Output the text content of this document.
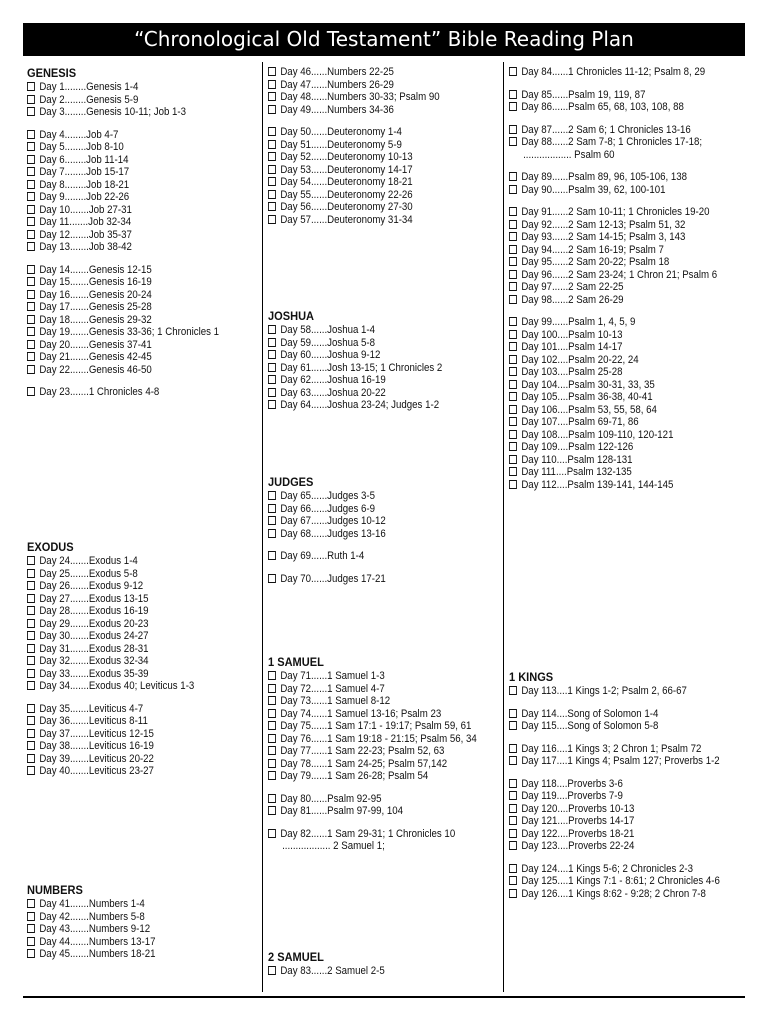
“Chronological Old Testament” Bible Reading Plan
GENESIS
Day 1........Genesis 1-4
Day 2........Genesis 5-9
Day 3........Genesis 10-11; Job 1-3
Day 4........Job 4-7
Day 5........Job 8-10
Day 6........Job 11-14
Day 7........Job 15-17
Day 8........Job 18-21
Day 9........Job 22-26
Day 10.......Job 27-31
Day 11.......Job 32-34
Day 12.......Job 35-37
Day 13.......Job 38-42
Day 14.......Genesis 12-15
Day 15.......Genesis 16-19
Day 16.......Genesis 20-24
Day 17.......Genesis 25-28
Day 18.......Genesis 29-32
Day 19.......Genesis 33-36; 1 Chronicles 1
Day 20.......Genesis 37-41
Day 21.......Genesis 42-45
Day 22.......Genesis 46-50
Day 23.......1 Chronicles 4-8
EXODUS
Day 24.......Exodus 1-4
Day 25.......Exodus 5-8
Day 26.......Exodus 9-12
Day 27.......Exodus 13-15
Day 28.......Exodus 16-19
Day 29.......Exodus 20-23
Day 30.......Exodus 24-27
Day 31.......Exodus 28-31
Day 32.......Exodus 32-34
Day 33.......Exodus 35-39
Day 34.......Exodus 40; Leviticus 1-3
Day 35.......Leviticus 4-7
Day 36.......Leviticus 8-11
Day 37.......Leviticus 12-15
Day 38.......Leviticus 16-19
Day 39.......Leviticus 20-22
Day 40.......Leviticus 23-27
NUMBERS
Day 41.......Numbers 1-4
Day 42.......Numbers 5-8
Day 43.......Numbers 9-12
Day 44.......Numbers 13-17
Day 45.......Numbers 18-21
Day 46......Numbers 22-25
Day 47......Numbers 26-29
Day 48......Numbers 30-33; Psalm 90
Day 49......Numbers 34-36
Day 50......Deuteronomy 1-4
Day 51......Deuteronomy 5-9
Day 52......Deuteronomy 10-13
Day 53......Deuteronomy 14-17
Day 54......Deuteronomy 18-21
Day 55......Deuteronomy 22-26
Day 56......Deuteronomy 27-30
Day 57......Deuteronomy 31-34
JOSHUA
Day 58......Joshua 1-4
Day 59......Joshua 5-8
Day 60......Joshua 9-12
Day 61......Josh 13-15; 1 Chronicles 2
Day 62......Joshua 16-19
Day 63......Joshua 20-22
Day 64......Joshua 23-24; Judges 1-2
JUDGES
Day 65......Judges 3-5
Day 66......Judges 6-9
Day 67......Judges 10-12
Day 68......Judges 13-16
Day 69......Ruth 1-4
Day 70......Judges 17-21
1 SAMUEL
Day 71......1 Samuel 1-3
Day 72......1 Samuel 4-7
Day 73......1 Samuel 8-12
Day 74......1 Samuel 13-16; Psalm 23
Day 75......1 Sam 17:1 - 19:17; Psalm 59, 61
Day 76......1 Sam 19:18 - 21:15; Psalm 56, 34
Day 77......1 Sam 22-23; Psalm 52, 63
Day 78......1 Sam 24-25; Psalm 57,142
Day 79......1 Sam 26-28; Psalm 54
Day 80......Psalm 92-95
Day 81......Psalm 97-99, 104
Day 82......1 Sam 29-31; 1 Chronicles 10
.................. 2 Samuel 1;
2 SAMUEL
Day 83......2 Samuel 2-5
Day 84......1 Chronicles 11-12; Psalm 8, 29
Day 85......Psalm 19, 119, 87
Day 86......Psalm 65, 68, 103, 108, 88
Day 87......2 Sam 6; 1 Chronicles 13-16
Day 88......2 Sam 7-8; 1 Chronicles 17-18;
.................. Psalm 60
Day 89......Psalm 89, 96, 105-106, 138
Day 90......Psalm 39, 62, 100-101
Day 91......2 Sam 10-11; 1 Chronicles 19-20
Day 92......2 Sam 12-13; Psalm 51, 32
Day 93......2 Sam 14-15; Psalm 3, 143
Day 94......2 Sam 16-19; Psalm 7
Day 95......2 Sam 20-22; Psalm 18
Day 96......2 Sam 23-24; 1 Chron 21; Psalm 6
Day 97......2 Sam 22-25
Day 98......2 Sam 26-29
Day 99......Psalm 1, 4, 5, 9
Day 100....Psalm 10-13
Day 101....Psalm 14-17
Day 102....Psalm 20-22, 24
Day 103....Psalm 25-28
Day 104....Psalm 30-31, 33, 35
Day 105....Psalm 36-38, 40-41
Day 106....Psalm 53, 55, 58, 64
Day 107....Psalm 69-71, 86
Day 108....Psalm 109-110, 120-121
Day 109....Psalm 122-126
Day 110....Psalm 128-131
Day 111....Psalm 132-135
Day 112....Psalm 139-141, 144-145
1 KINGS
Day 113....1 Kings 1-2; Psalm 2, 66-67
Day 114....Song of Solomon 1-4
Day 115....Song of Solomon 5-8
Day 116....1 Kings 3; 2 Chron 1; Psalm 72
Day 117....1 Kings 4; Psalm 127; Proverbs 1-2
Day 118....Proverbs 3-6
Day 119....Proverbs 7-9
Day 120....Proverbs 10-13
Day 121....Proverbs 14-17
Day 122....Proverbs 18-21
Day 123....Proverbs 22-24
Day 124....1 Kings 5-6; 2 Chronicles 2-3
Day 125....1 Kings 7:1 - 8:61; 2 Chronicles 4-6
Day 126....1 Kings 8:62 - 9:28; 2 Chron 7-8
